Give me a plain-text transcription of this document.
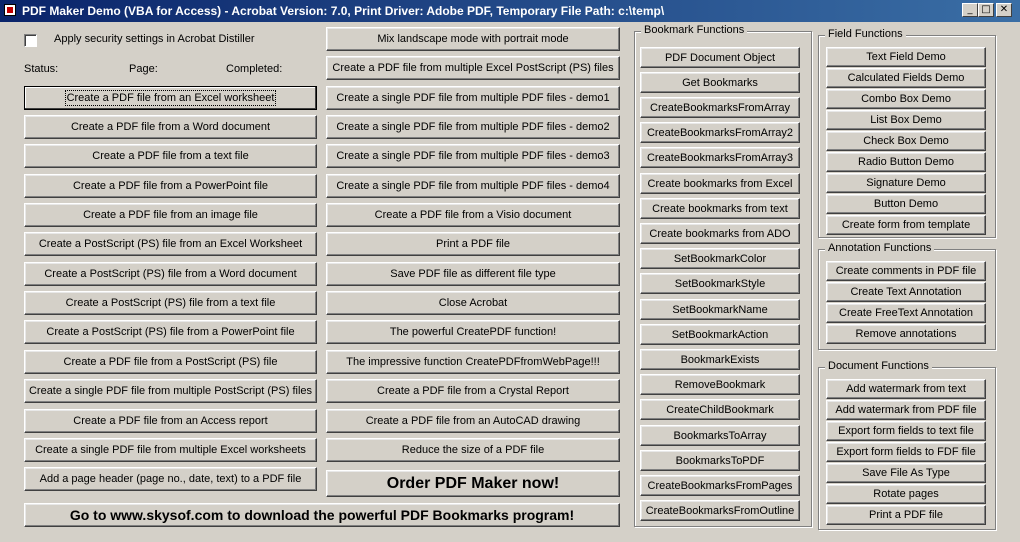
PDF Maker Demo (VBA for Access) - Acrobat Version: 7.0, Print Driver: Adobe PDF, Temporary File Path: c:\temp\	_ □ ✕
Apply security settings in Acrobat Distiller
Status:	Page:	Completed:
Create a PDF file from an Excel worksheet
Create a PDF file from a Word document
Create a PDF file from a text file
Create a PDF file from a PowerPoint file
Create a PDF file from an image file
Create a PostScript (PS) file from an Excel Worksheet
Create a PostScript (PS) file from a Word document
Create a PostScript (PS) file from a text file
Create a PostScript (PS) file from a PowerPoint file
Create a PDF file from a PostScript (PS) file
Create a single PDF file from multiple PostScript (PS) files
Create a PDF file from an Access report
Create a single PDF file from multiple Excel worksheets
Add a page header (page no., date, text) to a PDF file
Mix landscape mode with portrait mode
Create a PDF file from multiple Excel PostScript (PS) files
Create a single PDF file from multiple PDF files - demo1
Create a single PDF file from multiple PDF files - demo2
Create a single PDF file from multiple PDF files - demo3
Create a single PDF file from multiple PDF files - demo4
Create a PDF file from a Visio document
Print a PDF file
Save PDF file as different file type
Close Acrobat
The powerful CreatePDF function!
The impressive function CreatePDFfromWebPage!!!
Create a PDF file from a Crystal Report
Create a PDF file from an AutoCAD drawing
Reduce the size of a PDF file
Order PDF Maker now!
Go to www.skysof.com to download the powerful PDF Bookmarks program!
Bookmark Functions
PDF Document Object
Get Bookmarks
CreateBookmarksFromArray
CreateBookmarksFromArray2
CreateBookmarksFromArray3
Create bookmarks from Excel
Create bookmarks from text
Create bookmarks from ADO
SetBookmarkColor
SetBookmarkStyle
SetBookmarkName
SetBookmarkAction
BookmarkExists
RemoveBookmark
CreateChildBookmark
BookmarksToArray
BookmarksToPDF
CreateBookmarksFromPages
CreateBookmarksFromOutline
Field Functions
Text Field Demo
Calculated Fields Demo
Combo Box Demo
List Box Demo
Check Box Demo
Radio Button Demo
Signature Demo
Button Demo
Create form from template
Annotation Functions
Create comments in PDF file
Create Text Annotation
Create FreeText Annotation
Remove annotations
Document Functions
Add watermark from text
Add watermark from PDF file
Export form fields to text file
Export form fields to FDF file
Save File As Type
Rotate pages
Print a PDF file
